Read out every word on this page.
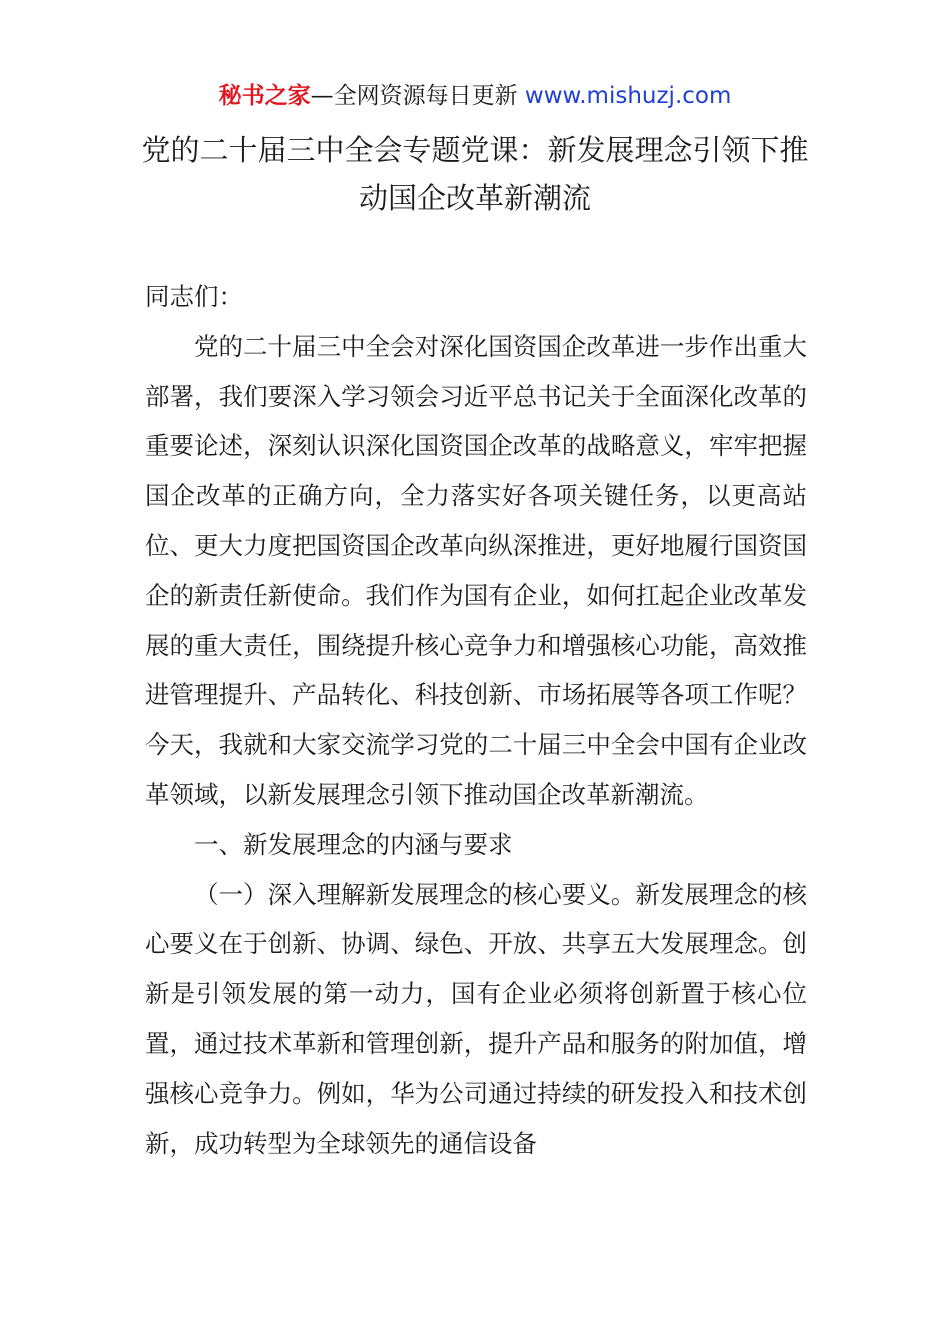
秘书之家—全网资源每日更新 www.mishuzj.com
党的二十届三中全会专题党课：新发展理念引领下推动国企改革新潮流

同志们：

党的二十届三中全会对深化国资国企改革进一步作出重大部署，我们要深入学习领会习近平总书记关于全面深化改革的重要论述，深刻认识深化国资国企改革的战略意义，牢牢把握国企改革的正确方向，全力落实好各项关键任务，以更高站位、更大力度把国资国企改革向纵深推进，更好地履行国资国企的新责任新使命。我们作为国有企业，如何扛起企业改革发展的重大责任，围绕提升核心竞争力和增强核心功能，高效推进管理提升、产品转化、科技创新、市场拓展等各项工作呢？今天，我就和大家交流学习党的二十届三中全会中国有企业改革领域，以新发展理念引领下推动国企改革新潮流。

一、新发展理念的内涵与要求

（一）深入理解新发展理念的核心要义。新发展理念的核心要义在于创新、协调、绿色、开放、共享五大发展理念。创新是引领发展的第一动力，国有企业必须将创新置于核心位置，通过技术革新和管理创新，提升产品和服务的附加值，增强核心竞争力。例如，华为公司通过持续的研发投入和技术创新，成功转型为全球领先的通信设备
